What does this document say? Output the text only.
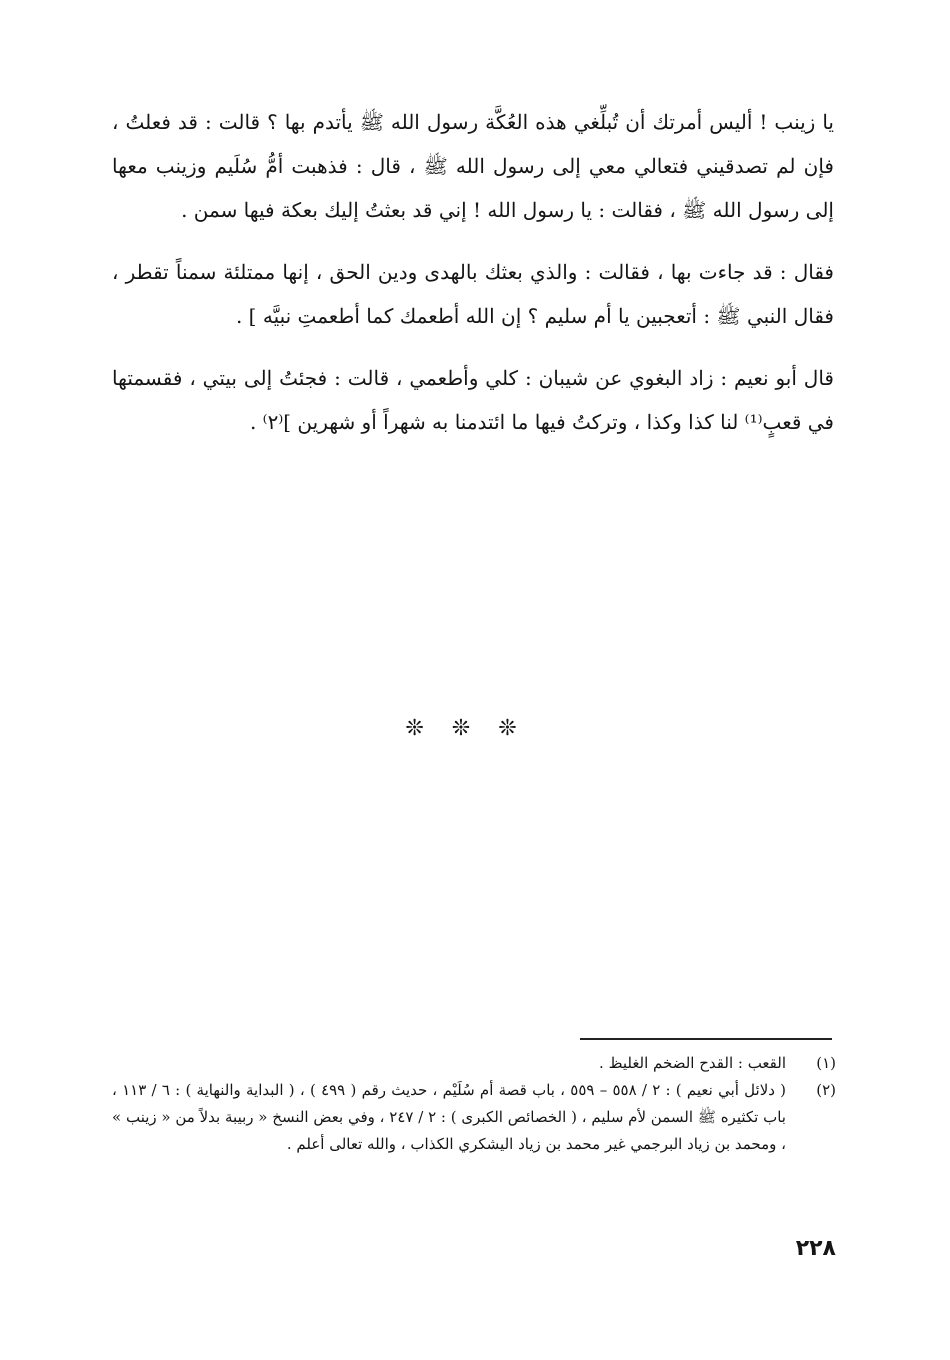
يا زينب ! أليس أمرتك أن تُبلِّغي هذه العُكَّة رسول الله ﷺ يأتدم بها ؟ قالت : قد فعلتُ ، فإن لم تصدقيني فتعالي معي إلى رسول الله ﷺ ، قال : فذهبت أمُّ سُلَيم وزينب معها إلى رسول الله ﷺ ، فقالت : يا رسول الله ! إني قد بعثتُ إليك بعكة فيها سمن .

فقال : قد جاءت بها ، فقالت : والذي بعثك بالهدى ودين الحق ، إنها ممتلئة سمناً تقطر ، فقال النبي ﷺ : أتعجبين يا أم سليم ؟ إن الله أطعمك كما أطعمتِ نبيَّه ] .

قال أبو نعيم : زاد البغوي عن شيبان : كلي وأطعمي ، قالت : فجئتُ إلى بيتي ، فقسمتها في قعبٍ⁽¹⁾ لنا كذا وكذا ، وتركتُ فيها ما ائتدمنا به شهراً أو شهرين ]⁽٢⁾ .

❊❊❊
(١)
القعب : القدح الضخم الغليظ .
(٢)
( دلائل أبي نعيم ) : ٢ / ٥٥٨ – ٥٥٩ ، باب قصة أم سُلَيْم ، حديث رقم ( ٤٩٩ ) ، ( البداية والنهاية ) : ٦ / ١١٣ ، باب تكثيره ﷺ السمن لأم سليم ، ( الخصائص الكبرى ) : ٢ / ٢٤٧ ، وفي بعض النسخ « ربيبة بدلاً من « زينب » ، ومحمد بن زياد البرجمي غير محمد بن زياد اليشكري الكذاب ، والله تعالى أعلم .
٢٢٨
